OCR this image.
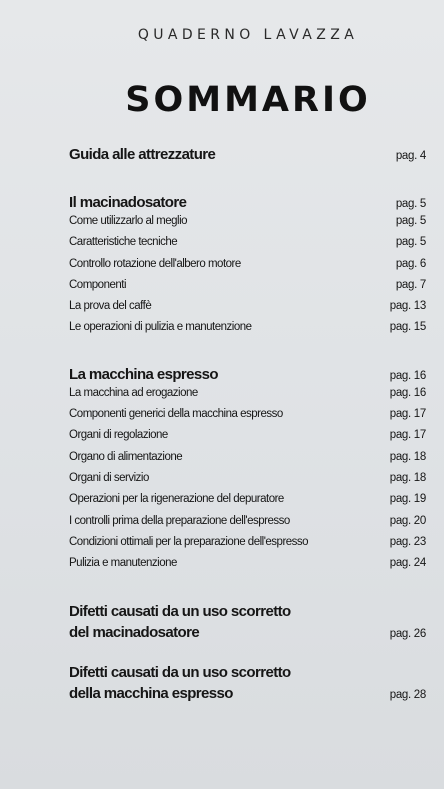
QUADERNO LAVAZZA
SOMMARIO
Guida alle attrezzature	pag. 4
Il macinadosatore	pag. 5
Come utilizzarlo al meglio	pag. 5
Caratteristiche tecniche	pag. 5
Controllo rotazione dell'albero motore	pag. 6
Componenti	pag. 7
La prova del caffè	pag. 13
Le operazioni di pulizia e manutenzione	pag. 15
La macchina espresso	pag. 16
La macchina ad erogazione	pag. 16
Componenti generici della macchina espresso	pag. 17
Organi di regolazione	pag. 17
Organo di alimentazione	pag. 18
Organi di servizio	pag. 18
Operazioni per la rigenerazione del depuratore	pag. 19
I controlli prima della preparazione dell'espresso	pag. 20
Condizioni ottimali per la preparazione dell'espresso	pag. 23
Pulizia e manutenzione	pag. 24
Difetti causati da un uso scorretto
del macinadosatore	pag. 26
Difetti causati da un uso scorretto
della macchina espresso	pag. 28
